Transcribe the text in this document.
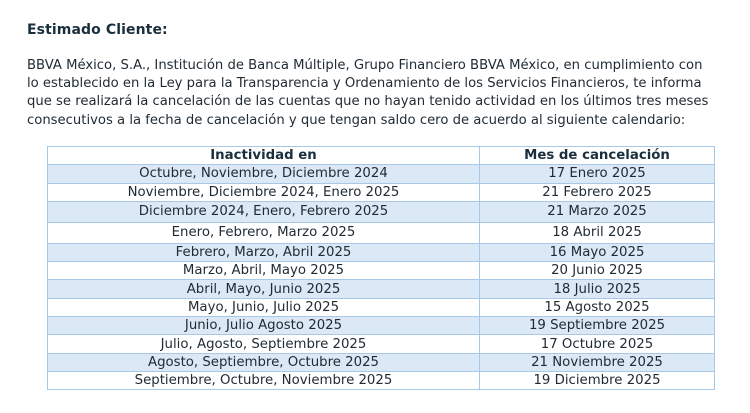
Estimado Cliente:
BBVA México, S.A., Institución de Banca Múltiple, Grupo Financiero BBVA México, en cumplimiento con
lo establecido en la Ley para la Transparencia y Ordenamiento de los Servicios Financieros, te informa
que se realizará la cancelación de las cuentas que no hayan tenido actividad en los últimos tres meses
consecutivos a la fecha de cancelación y que tengan saldo cero de acuerdo al siguiente calendario:
Inactividad en	Mes de cancelación
Octubre, Noviembre, Diciembre 2024	17 Enero 2025
Noviembre, Diciembre 2024, Enero 2025	21 Febrero 2025
Diciembre 2024, Enero, Febrero 2025	21 Marzo 2025
Enero, Febrero, Marzo 2025	18 Abril 2025
Febrero, Marzo, Abril 2025	16 Mayo 2025
Marzo, Abril, Mayo 2025	20 Junio 2025
Abril, Mayo, Junio 2025	18 Julio 2025
Mayo, Junio, Julio 2025	15 Agosto 2025
Junio, Julio Agosto 2025	19 Septiembre 2025
Julio, Agosto, Septiembre 2025	17 Octubre 2025
Agosto, Septiembre, Octubre 2025	21 Noviembre 2025
Septiembre, Octubre, Noviembre 2025	19 Diciembre 2025
